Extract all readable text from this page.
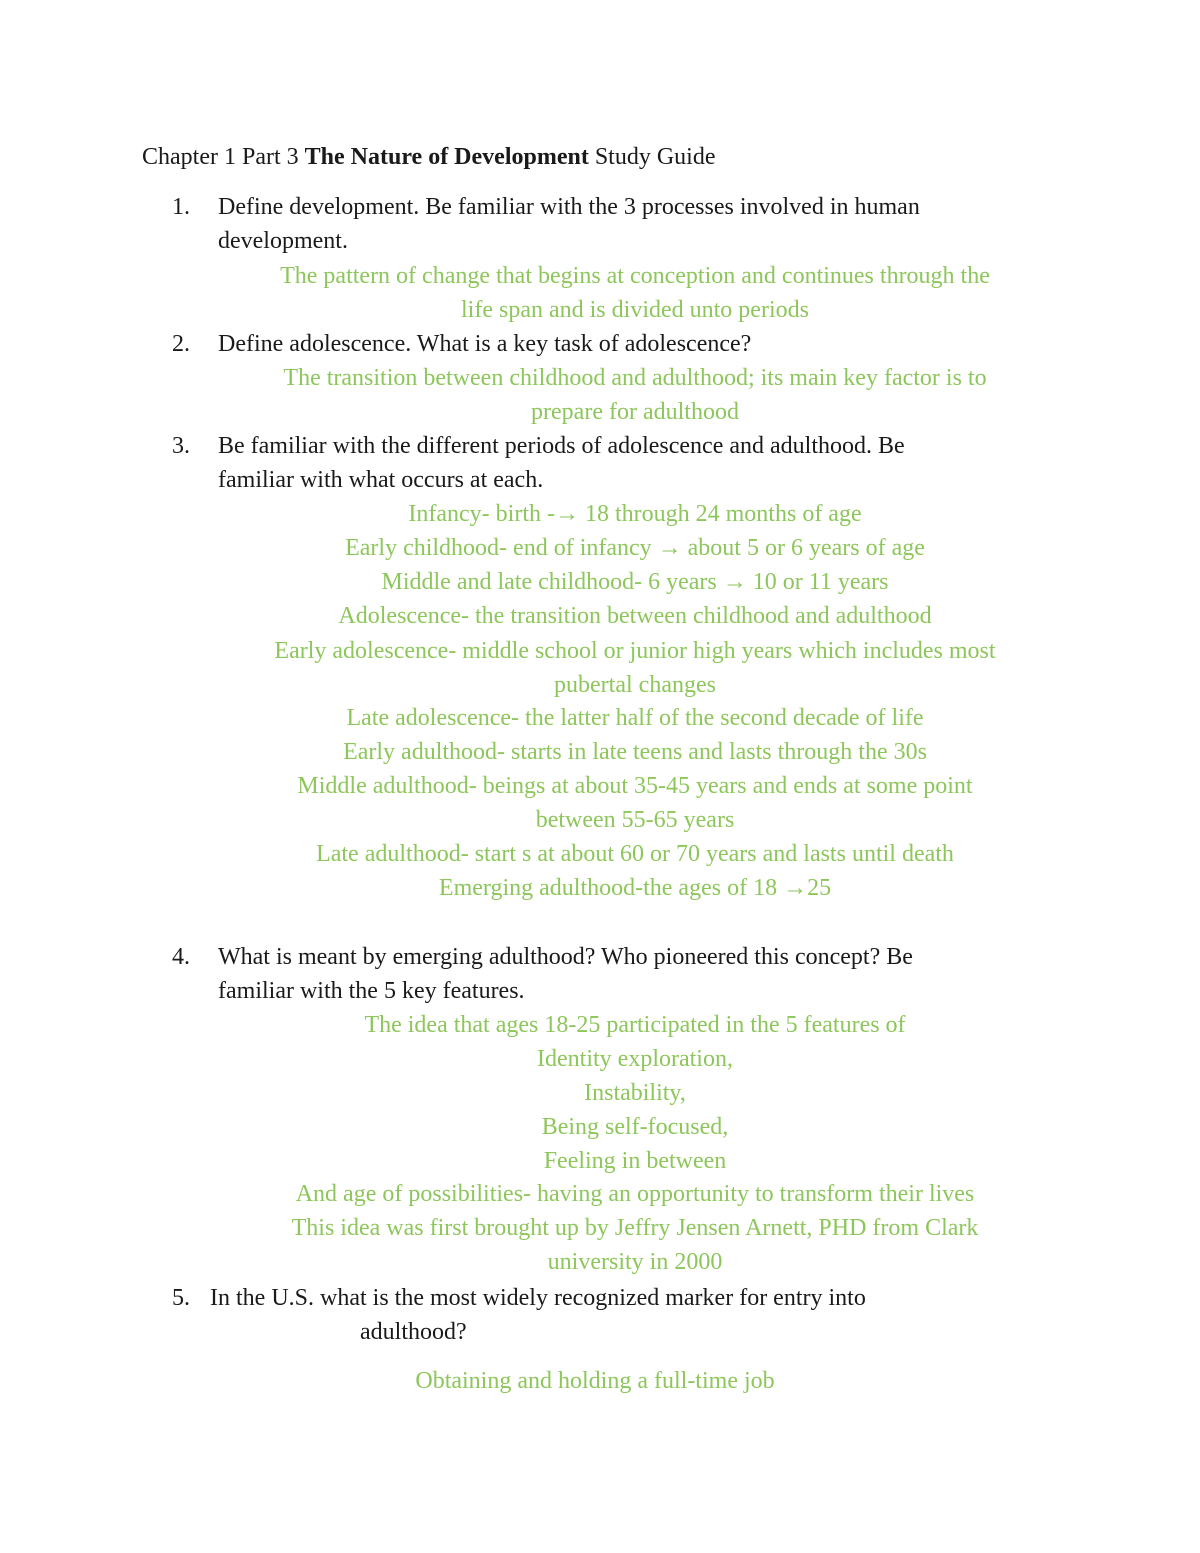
Chapter 1 Part 3 The Nature of Development Study Guide
1. Define development. Be familiar with the 3 processes involved in human
development.
The pattern of change that begins at conception and continues through the
life span and is divided unto periods
2. Define adolescence. What is a key task of adolescence?
The transition between childhood and adulthood; its main key factor is to
prepare for adulthood
3. Be familiar with the different periods of adolescence and adulthood. Be
familiar with what occurs at each.
Infancy- birth -→ 18 through 24 months of age
Early childhood- end of infancy → about 5 or 6 years of age
Middle and late childhood- 6 years → 10 or 11 years
Adolescence- the transition between childhood and adulthood
Early adolescence- middle school or junior high years which includes most
pubertal changes
Late adolescence- the latter half of the second decade of life
Early adulthood- starts in late teens and lasts through the 30s
Middle adulthood- beings at about 35-45 years and ends at some point
between 55-65 years
Late adulthood- start s at about 60 or 70 years and lasts until death
Emerging adulthood-the ages of 18 →25
4. What is meant by emerging adulthood? Who pioneered this concept? Be
familiar with the 5 key features.
The idea that ages 18-25 participated in the 5 features of
Identity exploration,
Instability,
Being self-focused,
Feeling in between
And age of possibilities- having an opportunity to transform their lives
This idea was first brought up by Jeffry Jensen Arnett, PHD from Clark
university in 2000
5. In the U.S. what is the most widely recognized marker for entry into
adulthood?
Obtaining and holding a full-time job
